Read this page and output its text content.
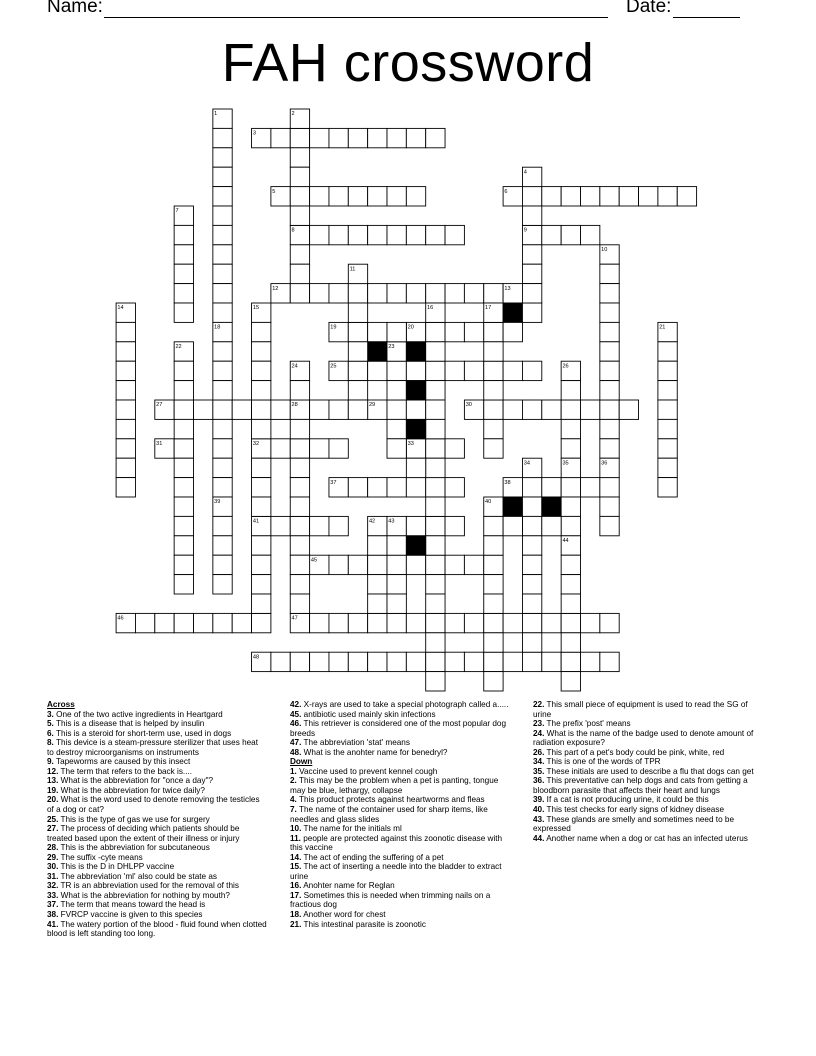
Name:	Date:
FAH crossword
1	2
3
4
5	6
7
8	9
10
11
12	13
14	15	16	17
18	19	20	21
22	23
24	25	26
27	28	29	30
31	32	33
34	35	36
37	38
39	40
41	42 43
44
45
46	47
48
Across
3. One of the two active ingredients in Heartgard
5. This is a disease that is helped by insulin
6. This is a steroid for short-term use, used in dogs
8. This device is a steam-pressure sterilizer that uses heat to destroy microorganisms on instruments
9. Tapeworms are caused by this insect
12. The term that refers to the back is....
13. What is the abbreviation for "once a day"?
19. What is the abbreviation for twice daily?
20. What is the word used to denote removing the testicles of a dog or cat?
25. This is the type of gas we use for surgery
27. The process of deciding which patients should be treated based upon the extent of their illness or injury
28. This is the abbreviation for subcutaneous
29. The suffix -cyte means
30. This is the D in DHLPP vaccine
31. The abbreviation 'ml' also could be state as
32. TR is an abbreviation used for the removal of this
33. What is the abbreviation for nothing by mouth?
37. The term that means toward the head is
38. FVRCP vaccine is given to this species
41. The watery portion of the blood - fluid found when clotted blood is left standing too long.
42. X-rays are used to take a special photograph called a.....
45. antibiotic used mainly skin infections
46. This retriever is considered one of the most popular dog breeds
47. The abbreviation 'stat' means
48. What is the anohter name for benedryl?
Down
1. Vaccine used to prevent kennel cough
2. This may be the problem when a pet is panting, tongue may be blue, lethargy, collapse
4. This product protects against heartworms and fleas
7. The name of the container used for sharp items, like needles and glass slides
10. The name for the initials ml
11. people are protected against this zoonotic disease with this vaccine
14. The act of ending the suffering of a pet
15. The act of inserting a needle into the bladder to extract urine
16. Anohter name for Reglan
17. Sometimes this is needed when trimming nails on a fractious dog
18. Another word for chest
21. This intestinal parasite is zoonotic
22. This small piece of equipment is used to read the SG of urine
23. The prefix 'post' means
24. What is the name of the badge used to denote amount of radiation exposure?
26. This part of a pet's body could be pink, white, red
34. This is one of the words of TPR
35. These initials are used to describe a flu that dogs can get
36. This preventative can help dogs and cats from getting a bloodborn parasite that affects their heart and lungs
39. If a cat is not producing urine, it could be this
40. This test checks for early signs of kidney disease
43. These glands are smelly and sometimes need to be expressed
44. Another name when a dog or cat has an infected uterus
